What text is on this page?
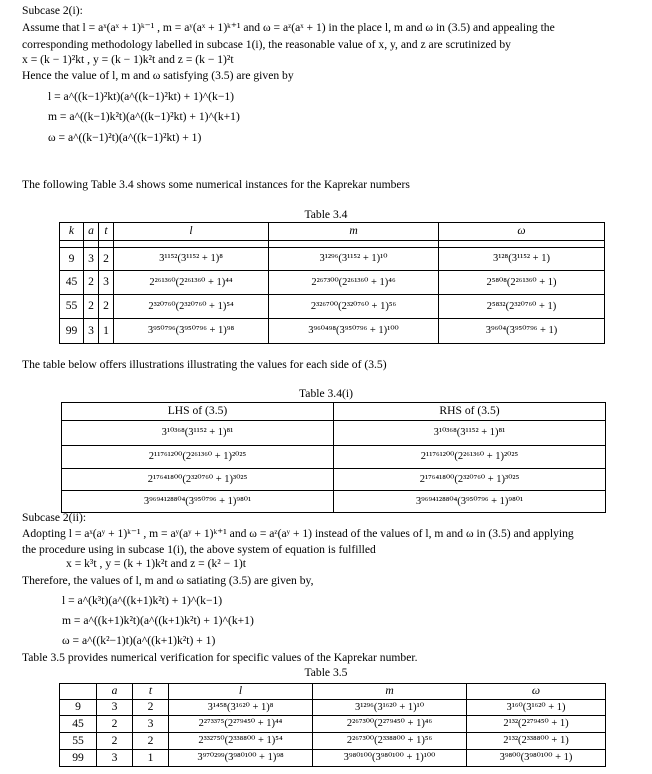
Subcase 2(i):
Assume that l = aˣ(aˣ + 1)ᵏ⁻¹ , m = aʸ(aˣ + 1)ᵏ⁺¹ and ω = aᶻ(aˣ + 1) in the place l, m and ω in (3.5) and appealing the
corresponding methodology labelled in subcase 1(i), the reasonable value of x, y, and z are scrutinized by
x = (k − 1)²kt , y = (k − 1)k²t and z = (k − 1)²t
Hence the value of l, m and ω satisfying (3.5) are given by
l = a^((k−1)²kt)(a^((k−1)²kt) + 1)^(k−1)
m = a^((k−1)k²t)(a^((k−1)²kt) + 1)^(k+1)
ω = a^((k−1)²t)(a^((k−1)²kt) + 1)
The following Table 3.4 shows some numerical instances for the Kaprekar numbers
Table 3.4
k	a	t	l	m	ω

9	3	2	3¹¹⁵²(3¹¹⁵² + 1)⁸	3¹²⁹⁶(3¹¹⁵² + 1)¹⁰	3¹²⁸(3¹¹⁵² + 1)
45	2	3	2²⁶¹³⁶⁰(2²⁶¹³⁶⁰ + 1)⁴⁴	2²⁶⁷³⁰⁰(2²⁶¹³⁶⁰ + 1)⁴⁶	2⁵⁸⁰⁸(2²⁶¹³⁶⁰ + 1)
55	2	2	2³²⁰⁷⁶⁰(2³²⁰⁷⁶⁰ + 1)⁵⁴	2³²⁶⁷⁰⁰(2³²⁰⁷⁶⁰ + 1)⁵⁶	2⁵⁸³²(2³²⁰⁷⁶⁰ + 1)
99	3	1	3⁹⁵⁰⁷⁹⁶(3⁹⁵⁰⁷⁹⁶ + 1)⁹⁸	3⁹⁶⁰⁴⁹⁸(3⁹⁵⁰⁷⁹⁶ + 1)¹⁰⁰	3⁹⁶⁰⁴(3⁹⁵⁰⁷⁹⁶ + 1)
The table below offers illustrations illustrating the values for each side of (3.5)
Table 3.4(i)
LHS of (3.5)	RHS of (3.5)
3¹⁰³⁶⁸(3¹¹⁵² + 1)⁸¹	3¹⁰³⁶⁸(3¹¹⁵² + 1)⁸¹
2¹¹⁷⁶¹²⁰⁰(2²⁶¹³⁶⁰ + 1)²⁰²⁵	2¹¹⁷⁶¹²⁰⁰(2²⁶¹³⁶⁰ + 1)²⁰²⁵
2¹⁷⁶⁴¹⁸⁰⁰(2³²⁰⁷⁶⁰ + 1)³⁰²⁵	2¹⁷⁶⁴¹⁸⁰⁰(2³²⁰⁷⁶⁰ + 1)³⁰²⁵
3⁹⁶⁹⁴¹²⁸⁸⁰⁴(3⁹⁵⁰⁷⁹⁶ + 1)⁹⁸⁰¹	3⁹⁶⁹⁴¹²⁸⁸⁰⁴(3⁹⁵⁰⁷⁹⁶ + 1)⁹⁸⁰¹
Subcase 2(ii):
Adopting l = aˣ(aʸ + 1)ᵏ⁻¹ , m = aʸ(aʸ + 1)ᵏ⁺¹ and ω = aᶻ(aʸ + 1) instead of the values of l, m and ω in (3.5) and applying
the procedure using in subcase 1(i), the above system of equation is fulfilled
x = k³t , y = (k + 1)k²t and z = (k² − 1)t
Therefore, the values of l, m and ω satiating (3.5) are given by,
l = a^(k³t)(a^((k+1)k²t) + 1)^(k−1)
m = a^((k+1)k²t)(a^((k+1)k²t) + 1)^(k+1)
ω = a^((k²−1)t)(a^((k+1)k²t) + 1)
Table 3.5 provides numerical verification for specific values of the Kaprekar number.
Table 3.5
	a	t	l	m	ω
9	3	2	3¹⁴⁵⁸(3¹⁶²⁰ + 1)⁸	3¹²⁹⁶(3¹⁶²⁰ + 1)¹⁰	3¹⁶⁰(3¹⁶²⁰ + 1)
45	2	3	2²⁷³³⁷⁵(2²⁷⁹⁴⁵⁰ + 1)⁴⁴	2²⁶⁷³⁰⁰(2²⁷⁹⁴⁵⁰ + 1)⁴⁶	2¹³²(2²⁷⁹⁴⁵⁰ + 1)
55	2	2	2³³²⁷⁵⁰(2³³⁸⁸⁰⁰ + 1)⁵⁴	2²⁶⁷³⁰⁰(2³³⁸⁸⁰⁰ + 1)⁵⁶	2¹³²(2³³⁸⁸⁰⁰ + 1)
99	3	1	3⁹⁷⁰²⁹⁹(3⁹⁸⁰¹⁰⁰ + 1)⁹⁸	3⁹⁸⁰¹⁰⁰(3⁹⁸⁰¹⁰⁰ + 1)¹⁰⁰	3⁹⁸⁰⁰(3⁹⁸⁰¹⁰⁰ + 1)
